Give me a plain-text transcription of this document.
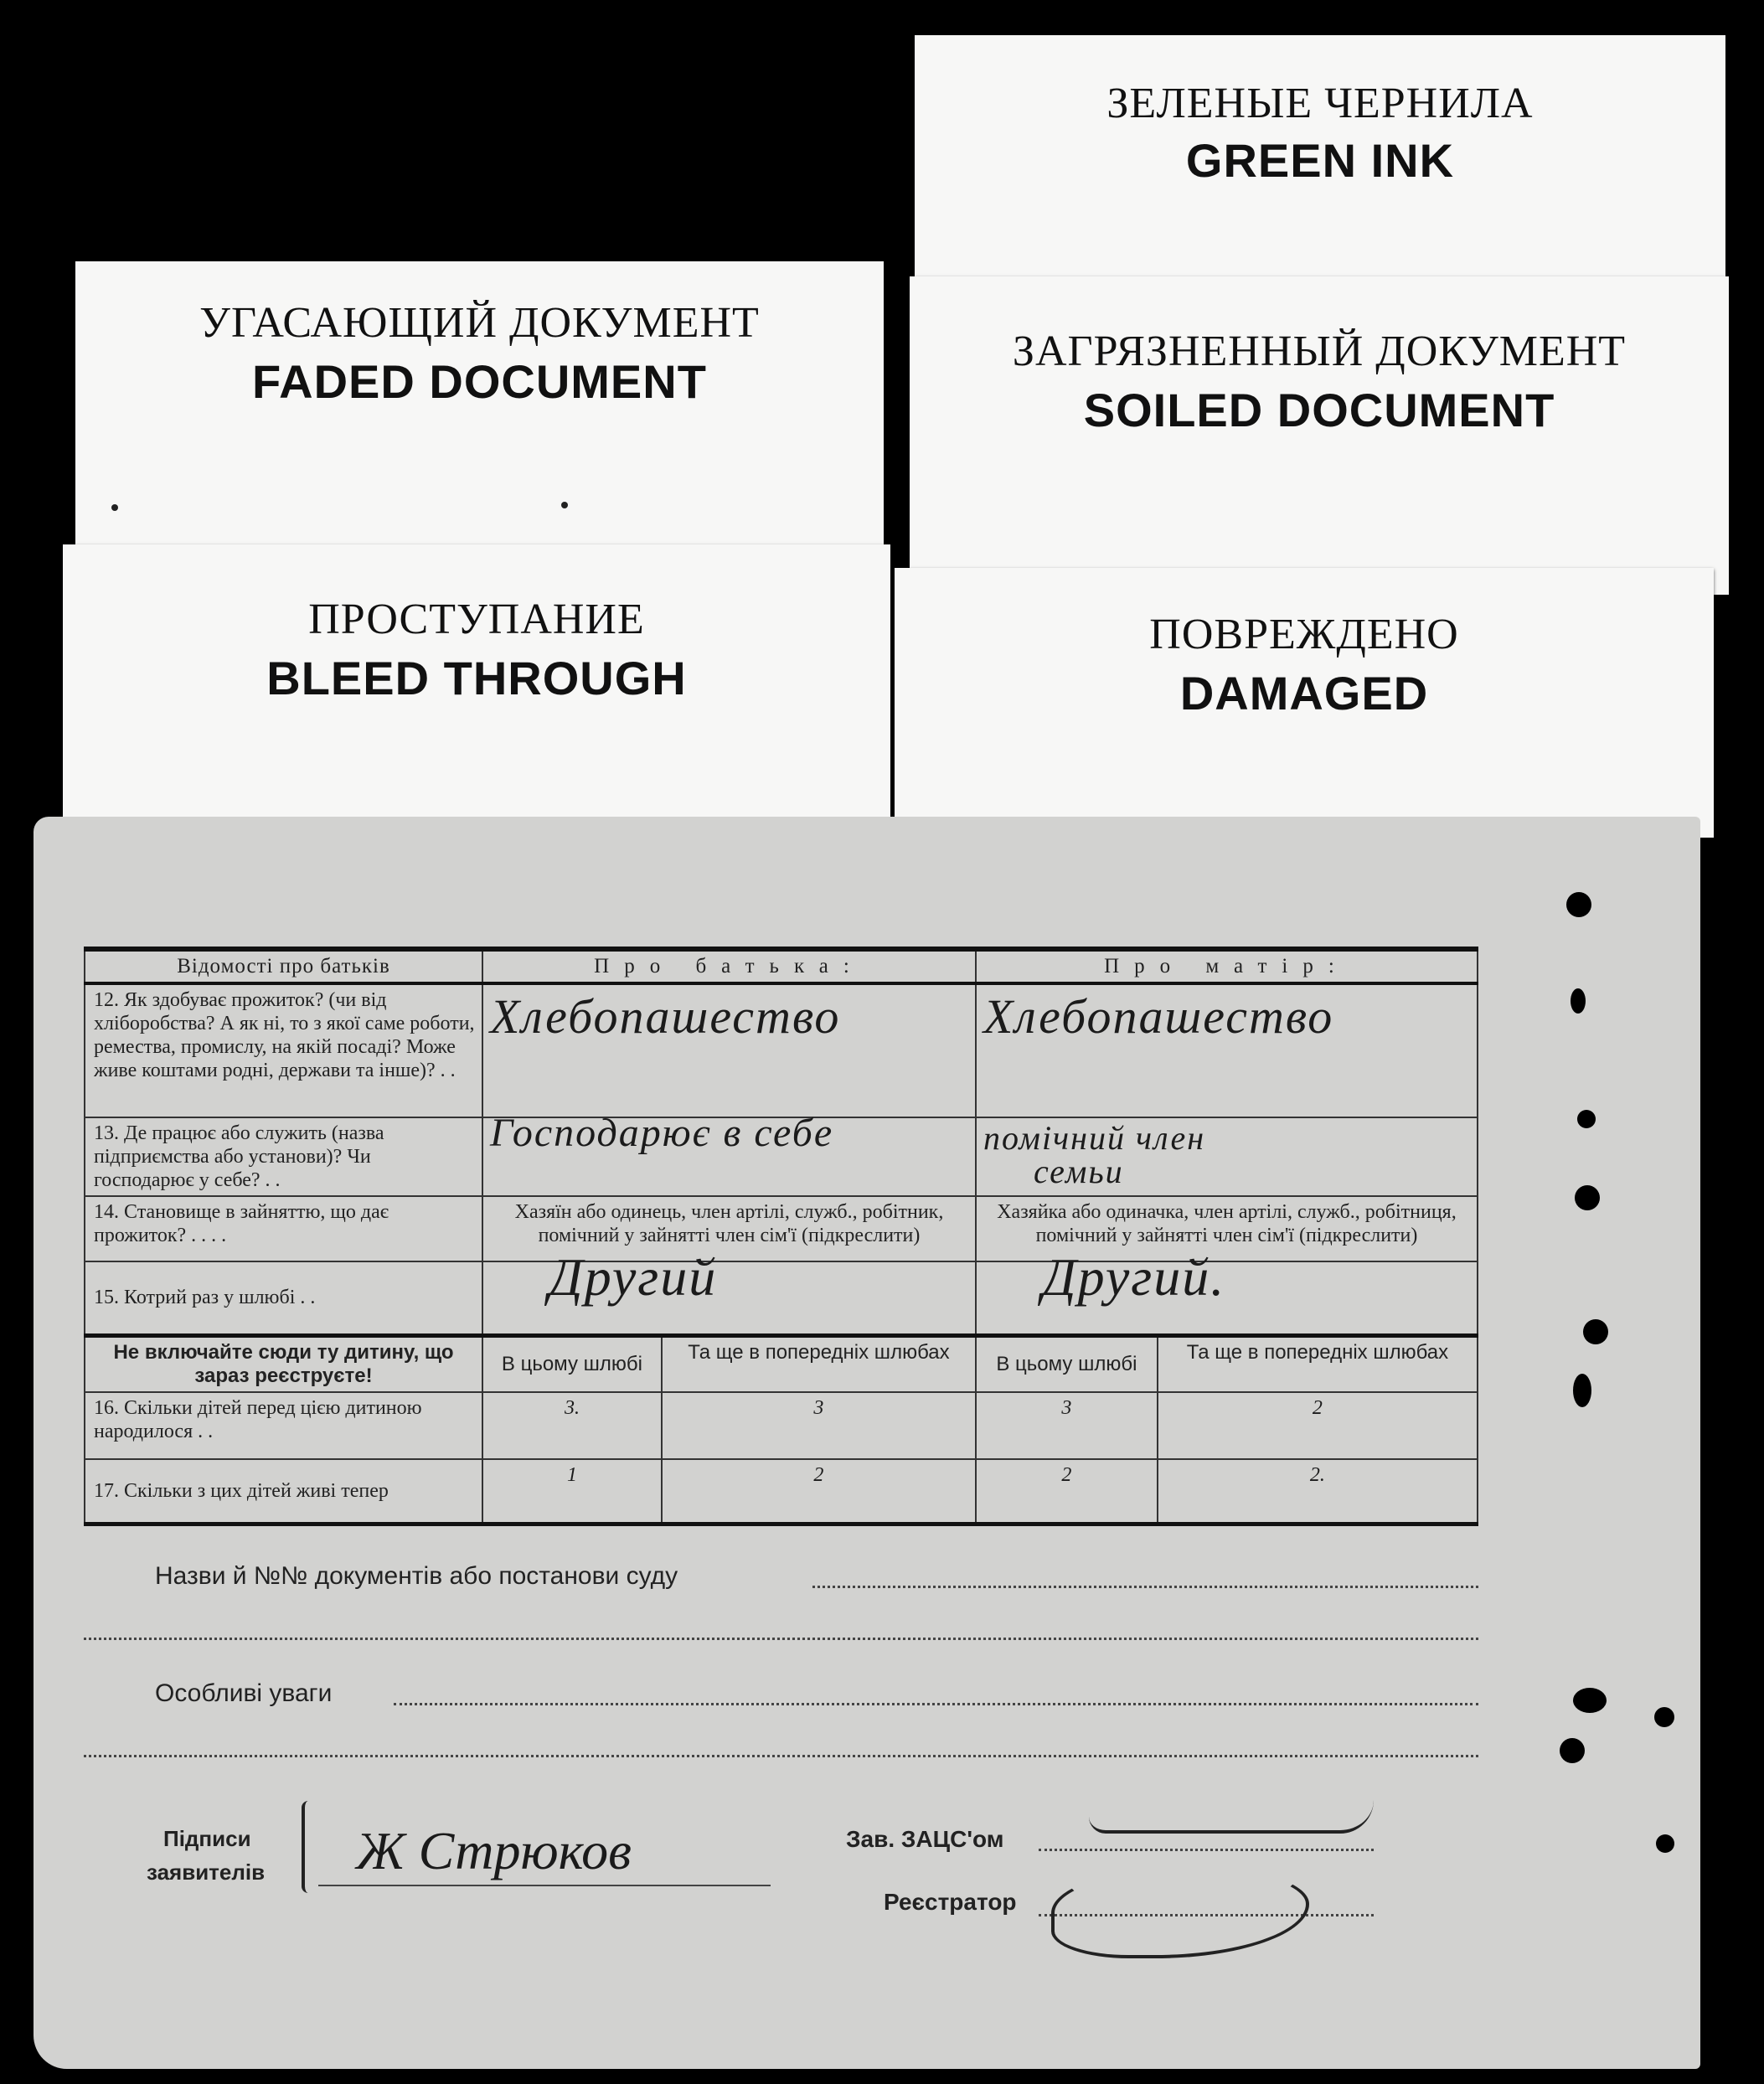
ЗЕЛЕНЫЕ ЧЕРНИЛА
GREEN INK
УГАСАЮЩИЙ ДОКУМЕНТ
FADED DOCUMENT
ЗАГРЯЗНЕННЫЙ ДОКУМЕНТ
SOILED DOCUMENT
ПРОСТУПАНИЕ
BLEED THROUGH
ПОВРЕЖДЕНО
DAMAGED
Відомості про батьків	Про батька:		Про матір:	
12. Як здобуває прожиток? (чи від хліборобства? А як ні, то з якої саме роботи, ремества, промислу, на якій посаді? Може живе коштами родні, держави та інше)? . .	Хлебопашество		Хлебопашество	

13. Де працює або служить (назва підприємства або установи)? Чи господарює у себе? . .	Господарює в себе		помічний член
семьи	

14. Становище в зайняттю, що дає прожиток? . . . .	Хазяїн або одинець, член артілі, служб., робітник, помічний у зайнятті член сім'ї (підкреслити)		Хазяйка або одиначка, член артілі, служб., робітниця, помічний у зайнятті член сім'ї (підкреслити)	
15. Котрий раз у шлюбі . .	Другий		Другий.	

Не включайте сюди ту дитину, що зараз реєструєте!	В цьому шлюбі	Та ще в попередніх шлюбах	В цьому шлюбі	Та ще в попередніх шлюбах
16. Скільки дітей перед цією дитиною народилося . .	3.	3	3	2
17. Скільки з цих дітей живі тепер	1	2	2	2.
Назви й №№ документів або постанови суду
Особливі уваги
Підписи
заявителів Ж Стрюков	Зав. ЗАЦС'ом
Реєстратор
